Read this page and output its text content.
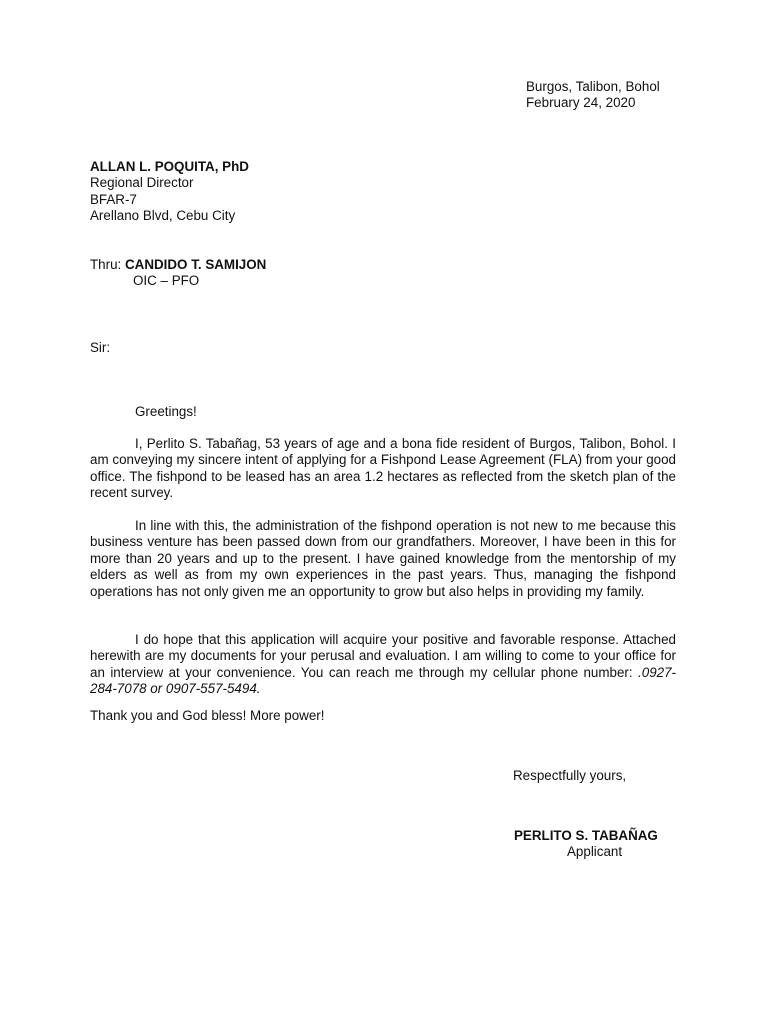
Burgos, Talibon, Bohol
February 24, 2020
ALLAN L. POQUITA, PhD
Regional Director
BFAR-7
Arellano Blvd, Cebu City
Thru: CANDIDO T. SAMIJON
OIC – PFO
Sir:
Greetings!
I, Perlito S. Tabañag, 53 years of age and a bona fide resident of Burgos, Talibon, Bohol. I am conveying my sincere intent of applying for a Fishpond Lease Agreement (FLA) from your good office. The fishpond to be leased has an area 1.2 hectares as reflected from the sketch plan of the recent survey.
In line with this, the administration of the fishpond operation is not new to me because this business venture has been passed down from our grandfathers. Moreover, I have been in this for more than 20 years and up to the present. I have gained knowledge from the mentorship of my elders as well as from my own experiences in the past years. Thus, managing the fishpond operations has not only given me an opportunity to grow but also helps in providing my family.
I do hope that this application will acquire your positive and favorable response. Attached herewith are my documents for your perusal and evaluation. I am willing to come to your office for an interview at your convenience. You can reach me through my cellular phone number: .0927-284-7078 or 0907-557-5494.
Thank you and God bless! More power!
Respectfully yours,
PERLITO S. TABAÑAG
Applicant
